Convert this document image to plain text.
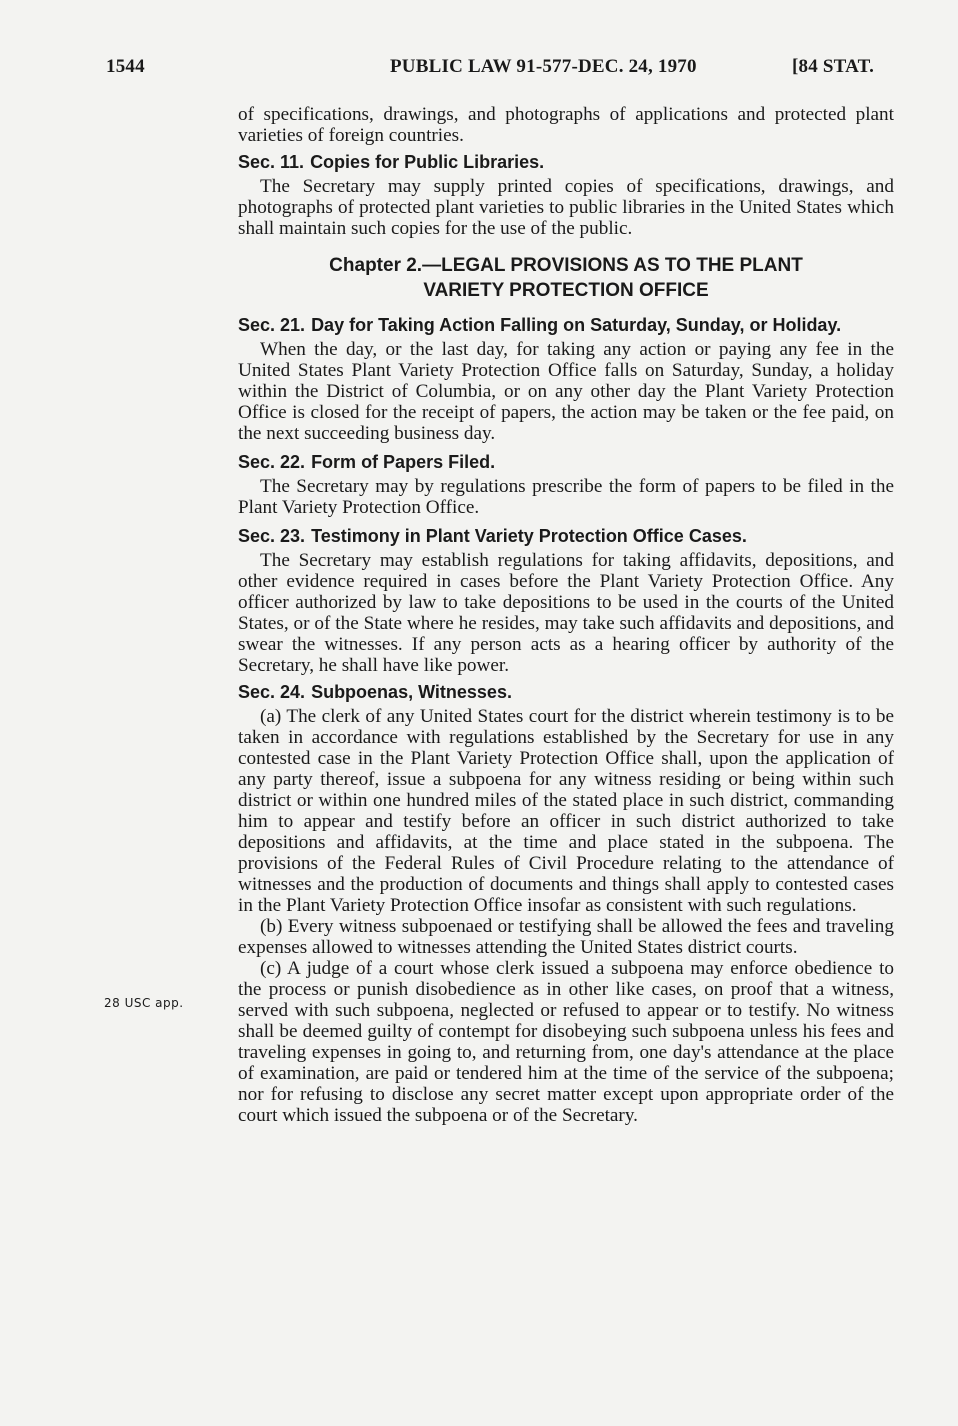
1544	PUBLIC LAW 91-577-DEC. 24, 1970	[84 STAT.
28 USC app.

of specifications, drawings, and photographs of applications and protected plant varieties of foreign countries.

Sec. 11. Copies for Public Libraries.

The Secretary may supply printed copies of specifications, drawings, and photographs of protected plant varieties to public libraries in the United States which shall maintain such copies for the use of the public.

Chapter 2.—LEGAL PROVISIONS AS TO THE PLANT
VARIETY PROTECTION OFFICE
Sec. 21. Day for Taking Action Falling on Saturday, Sunday, or Holiday.

When the day, or the last day, for taking any action or paying any fee in the United States Plant Variety Protection Office falls on Saturday, Sunday, a holiday within the District of Columbia, or on any other day the Plant Variety Protection Office is closed for the receipt of papers, the action may be taken or the fee paid, on the next succeeding business day.

Sec. 22. Form of Papers Filed.

The Secretary may by regulations prescribe the form of papers to be filed in the Plant Variety Protection Office.

Sec. 23. Testimony in Plant Variety Protection Office Cases.

The Secretary may establish regulations for taking affidavits, depositions, and other evidence required in cases before the Plant Variety Protection Office. Any officer authorized by law to take depositions to be used in the courts of the United States, or of the State where he resides, may take such affidavits and depositions, and swear the witnesses. If any person acts as a hearing officer by authority of the Secretary, he shall have like power.

Sec. 24. Subpoenas, Witnesses.

(a) The clerk of any United States court for the district wherein testimony is to be taken in accordance with regulations established by the Secretary for use in any contested case in the Plant Variety Protection Office shall, upon the application of any party thereof, issue a subpoena for any witness residing or being within such district or within one hundred miles of the stated place in such district, commanding him to appear and testify before an officer in such district authorized to take depositions and affidavits, at the time and place stated in the subpoena. The provisions of the Federal Rules of Civil Procedure relating to the attendance of witnesses and the production of documents and things shall apply to contested cases in the Plant Variety Protection Office insofar as consistent with such regulations.

(b) Every witness subpoenaed or testifying shall be allowed the fees and traveling expenses allowed to witnesses attending the United States district courts.

(c) A judge of a court whose clerk issued a subpoena may enforce obedience to the process or punish disobedience as in other like cases, on proof that a witness, served with such subpoena, neglected or refused to appear or to testify. No witness shall be deemed guilty of contempt for disobeying such subpoena unless his fees and traveling expenses in going to, and returning from, one day's attendance at the place of examination, are paid or tendered him at the time of the service of the subpoena; nor for refusing to disclose any secret matter except upon appropriate order of the court which issued the subpoena or of the Secretary.
